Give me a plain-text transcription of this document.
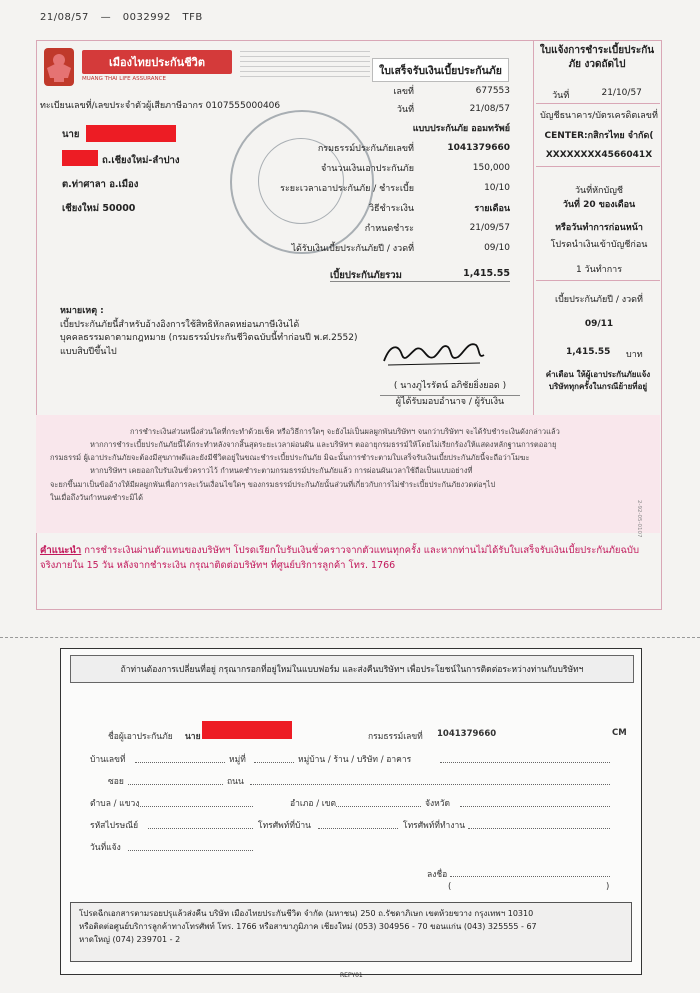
21/08/57 — 0032992 TFB
เมืองไทยประกันชีวิต
MUANG THAI LIFE ASSURANCE
ใบเสร็จรับเงินเบี้ยประกันภัย
ใบแจ้งการชำระเบี้ยประกันภัย งวดถัดไป
วันที่	21/10/57
บัญชีธนาคาร/บัตรเครดิตเลขที่
CENTER:กสิกรไทย จำกัด(
XXXXXXXX4566041X
วันที่หักบัญชี
วันที่ 20 ของเดือน
หรือวันทำการก่อนหน้า
โปรดนำเงินเข้าบัญชีก่อน
1 วันทำการ
เบี้ยประกันภัยปี / งวดที่
09/11
1,415.55 บาท
คำเตือน ให้ผู้เอาประกันภัยแจ้ง บริษัททุกครั้งในกรณีย้ายที่อยู่
ทะเบียนเลขที่/เลขประจำตัวผู้เสียภาษีอากร 0107555000406
นาย
ถ.เชียงใหม่-ลำปาง
ต.ท่าศาลา อ.เมือง
เชียงใหม่ 50000
เลขที่	677553
วันที่	21/08/57
แบบประกันภัย ออมทรัพย์
กรมธรรม์ประกันภัยเลขที่	1041379660
จำนวนเงินเอาประกันภัย	150,000
ระยะเวลาเอาประกันภัย / ชำระเบี้ย	10/10
วิธีชำระเงิน	รายเดือน
กำหนดชำระ	21/09/57
ได้รับเงินเบี้ยประกันภัยปี / งวดที่	09/10
เบี้ยประกันภัยรวม	1,415.55
หมายเหตุ :
เบี้ยประกันภัยนี้สำหรับอ้างอิงการใช้สิทธิหักลดหย่อนภาษีเงินได้
บุคคลธรรมดาตามกฎหมาย (กรมธรรม์ประกันชีวิตฉบับนี้ทำก่อนปี พ.ศ.2552)
แบบสิบปีขึ้นไป
( นางภูไรรัตน์ อภิชัยยิ่งยอด )
ผู้ได้รับมอบอำนาจ / ผู้รับเงิน
การชำระเงินส่วนหนึ่งส่วนใดที่กระทำด้วยเช็ค หรือวิธีการใดๆ จะยังไม่เป็นผลผูกพันบริษัทฯ จนกว่าบริษัทฯ จะได้รับชำระเงินดังกล่าวแล้ว
หากการชำระเบี้ยประกันภัยนี้ได้กระทำหลังจากสิ้นสุดระยะเวลาผ่อนผัน และบริษัทฯ ตออายุกรมธรรม์ให้โดยไม่เรียกร้องให้แสดงหลักฐานการตออายุ
กรมธรรม์ ผู้เอาประกันภัยจะต้องมีสุขภาพดีและยังมีชีวิตอยู่ในขณะชำระเบี้ยประกันภัย มิฉะนั้นการชำระตามใบเสร็จรับเงินเบี้ยประกันภัยนี้จะถือว่าโมฆะ
หากบริษัทฯ เคยออกใบรับเงินชั่วคราวไว้ กำหนดชำระตามกรมธรรม์ประกันภัยแล้ว การผ่อนผันเวลาใช้ถือเป็นแบบอย่างที่
จะยกขึ้นมาเป็นข้ออ้างให้มีผลผูกพันเพื่อการละเว้นเงื่อนไขใดๆ ของกรมธรรม์ประกันภัยนั้นส่วนที่เกี่ยวกับการไม่ชำระเบี้ยประกันภัยงวดต่อๆไป
ในเมื่อถึงวันกำหนดชำระมิได้
2-92-05-0107
คำแนะนำ การชำระเงินผ่านตัวแทนของบริษัทฯ โปรดเรียกใบรับเงินชั่วคราวจากตัวแทนทุกครั้ง และหากท่านไม่ได้รับใบเสร็จรับเงินเบี้ยประกันภัยฉบับจริงภายใน 15 วัน หลังจากชำระเงิน กรุณาติดต่อบริษัทฯ ที่ศูนย์บริการลูกค้า โทร. 1766
ถ้าท่านต้องการเปลี่ยนที่อยู่ กรุณากรอกที่อยู่ใหม่ในแบบฟอร์ม และส่งคืนบริษัทฯ เพื่อประโยชน์ในการติดต่อระหว่างท่านกับบริษัทฯ
ชื่อผู้เอาประกันภัย นาย	กรมธรรม์เลขที่ 1041379660	CM
บ้านเลขที่	หมู่ที่	หมู่บ้าน / ร้าน / บริษัท / อาคาร
ซอย	ถนน
ตำบล / แขวง	อำเภอ / เขต	จังหวัด
รหัสไปรษณีย์	โทรศัพท์ที่บ้าน	โทรศัพท์ที่ทำงาน
วันที่แจ้ง
ลงชื่อ
(	)
โปรดฉีกเอกสารตามรอยปรุแล้วส่งคืน บริษัท เมืองไทยประกันชีวิต จำกัด (มหาชน) 250 ถ.รัชดาภิเษก เขตห้วยขวาง กรุงเทพฯ 10310
หรือติดต่อศูนย์บริการลูกค้าทางโทรศัพท์ โทร. 1766 หรือสาขาภูมิภาค เชียงใหม่ (053) 304956 - 70 ขอนแก่น (043) 325555 - 67
หาดใหญ่ (074) 239701 - 2
REPY01
